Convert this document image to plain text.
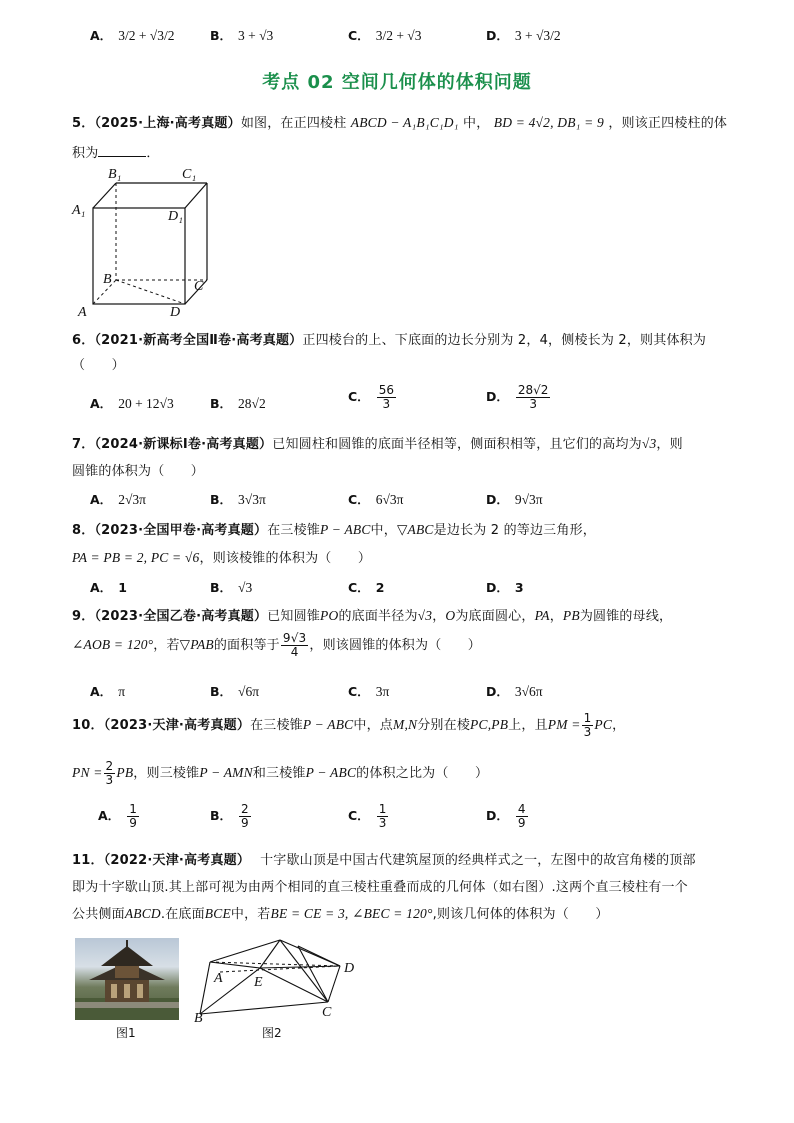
A． 3/2 + √3/2	B． 3 + √3	C． 3/2 + √3	D． 3 + √3/2
考点 02 空间几何体的体积问题
5．（2025·上海·高考真题）如图，在正四棱柱 ABCD − A₁B₁C₁D₁ 中， BD = 4√2, DB₁ = 9 ，则该正四棱柱的体
积为	．
B₁	C₁
A₁	D₁
B	C
A	D
6．（2021·新高考全国Ⅱ卷·高考真题）正四棱台的上、下底面的边长分别为 2，4，侧棱长为 2，则其体积为
（　　）
A． 20 + 12√3	B． 28√2	C． $\frac{56}{3}$	D． $\frac{28√2}{3}$
7．（2024·新课标Ⅰ卷·高考真题）已知圆柱和圆锥的底面半径相等，侧面积相等，且它们的高均为√3，则
圆锥的体积为（　　）
A． 2√3π	B． 3√3π	C． 6√3π	D． 9√3π
8．（2023·全国甲卷·高考真题）在三棱锥P − ABC中，▽ABC是边长为 2 的等边三角形，
PA = PB = 2, PC = √6，则该棱锥的体积为（　　）
A． 1	B． √3	C． 2	D． 3
9．（2023·全国乙卷·高考真题）已知圆锥PO的底面半径为√3，O为底面圆心，PA，PB为圆锥的母线，
∠AOB = 120°，若▽PAB的面积等于 $\frac{9√3}{4}$ ，则该圆锥的体积为（　　）
A． π	B． √6π	C． 3π	D． 3√6π
10．（2023·天津·高考真题）在三棱锥P − ABC中，点M,N分别在棱PC,PB上，且PM = $\frac{1}{3}$ PC，
PN = $\frac{2}{3}$ PB，则三棱锥P − AMN和三棱锥P − ABC的体积之比为（　　）
A． $\frac{1}{9}$	B． $\frac{2}{9}$	C． $\frac{1}{3}$	D． $\frac{4}{9}$
11．（2022·天津·高考真题） 十字歇山顶是中国古代建筑屋顶的经典样式之一，左图中的故宫角楼的顶部
即为十字歇山顶.其上部可视为由两个相同的直三棱柱重叠而成的几何体（如右图）.这两个直三棱柱有一个
公共侧面ABCD.在底面BCE中，若BE = CE = 3, ∠BEC = 120°,则该几何体的体积为（　　）
图1
A E
D
B	C
图2
